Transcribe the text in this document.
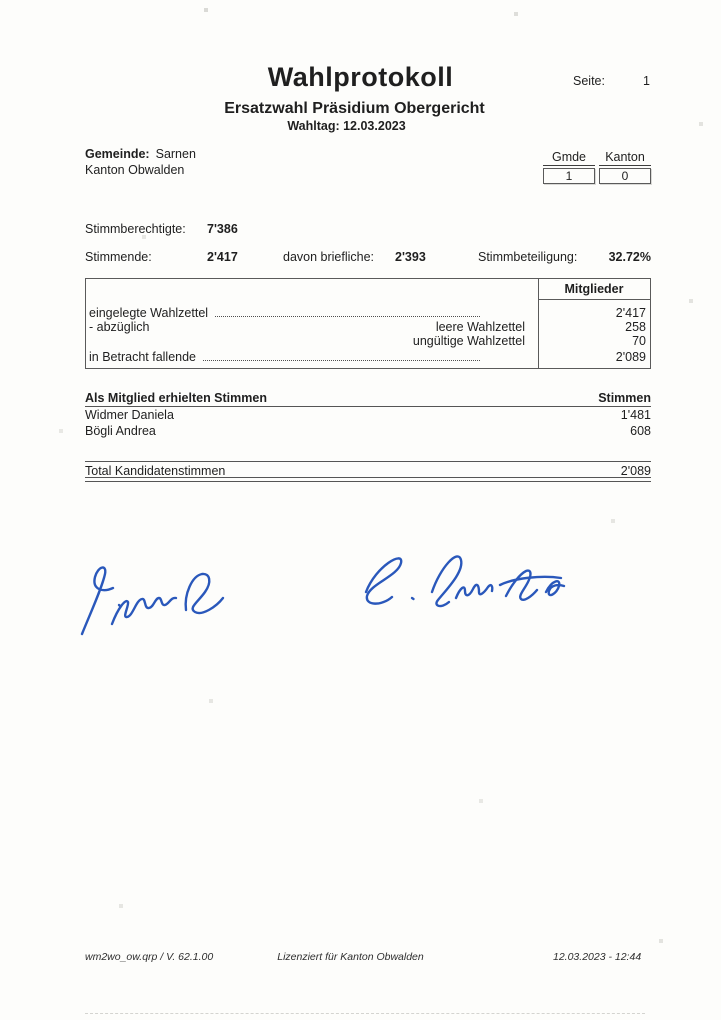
Wahlprotokoll	Seite:	1
Ersatzwahl Präsidium Obergericht
Wahltag: 12.03.2023
Gemeinde: Sarnen
Kanton Obwalden
Gmde
1
Kanton
0
Stimmberechtigte: 7'386
Stimmende:	2'417	davon briefliche: 2'393	Stimmbeteiligung:	32.72%
Mitglieder
eingelegte Wahlzettel	2'417
- abzüglich	leere Wahlzettel	258
ungültige Wahlzettel	70
in Betracht fallende	2'089
Als Mitglied erhielten Stimmen	Stimmen
Widmer Daniela	1'481
Bögli Andrea	608
Total Kandidatenstimmen	2'089
wm2wo_ow.qrp / V. 62.1.00	Lizenziert für Kanton Obwalden	12.03.2023 - 12:44
